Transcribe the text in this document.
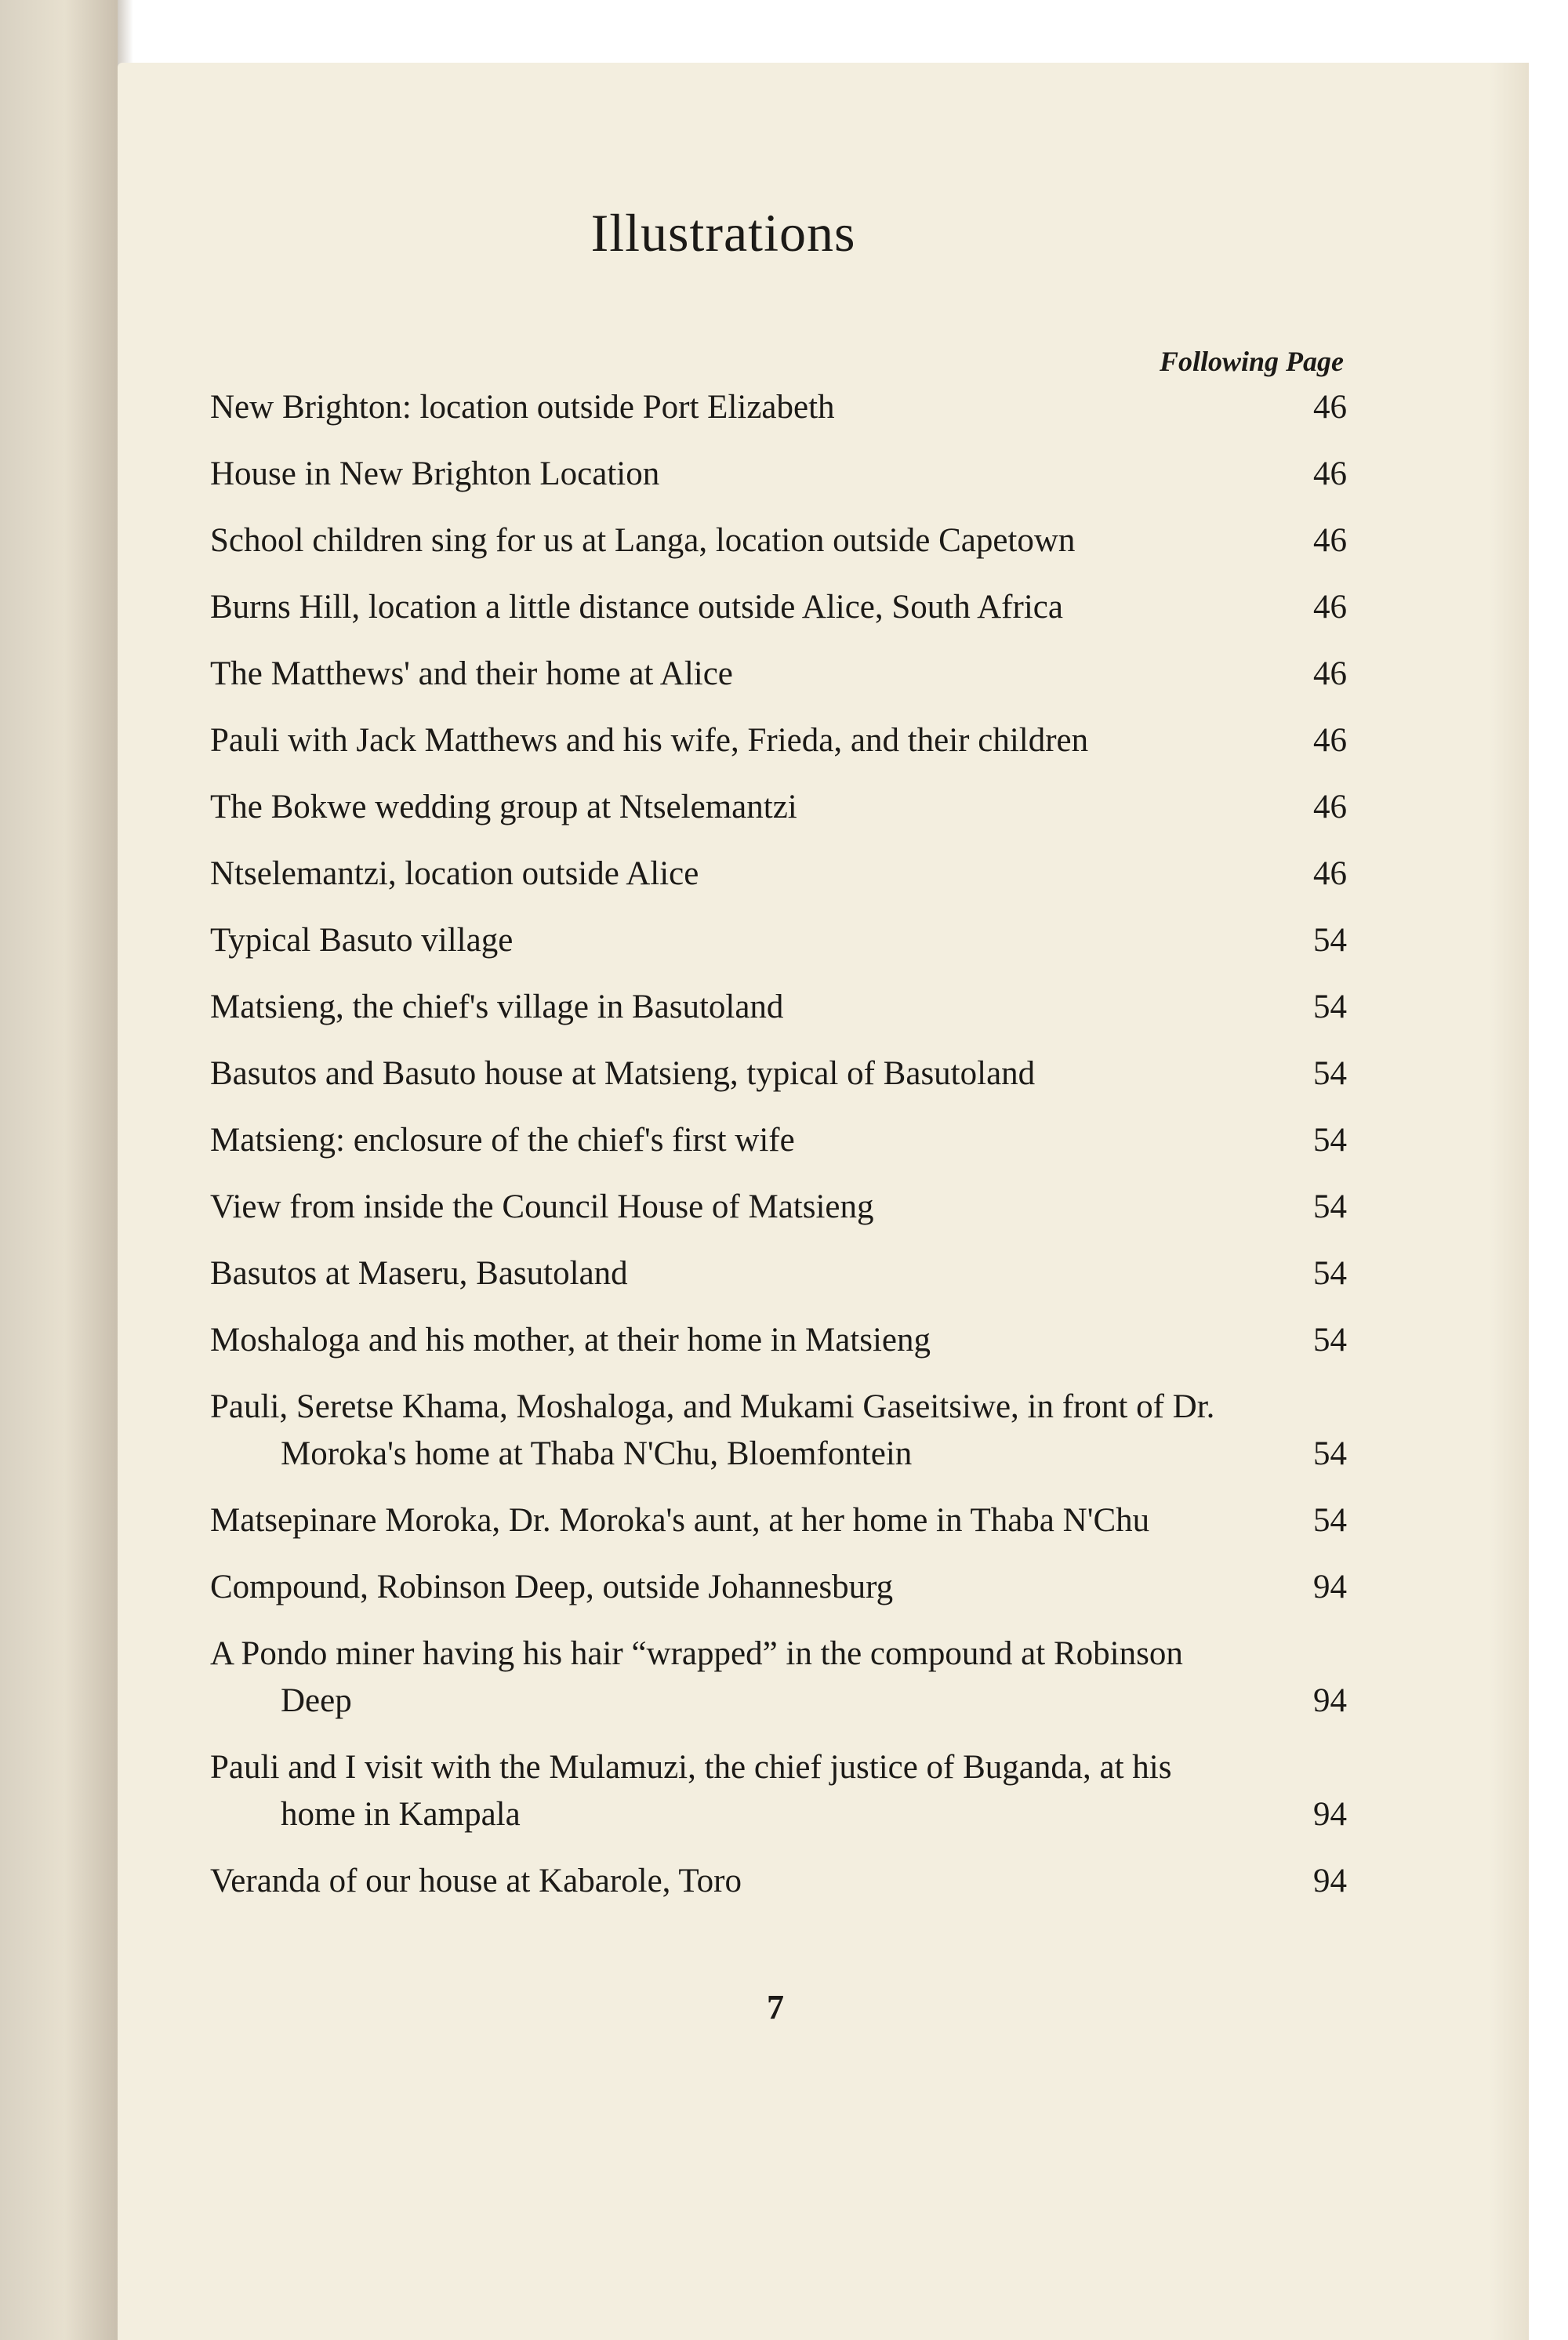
Illustrations
Following Page
New Brighton: location outside Port Elizabeth	46
House in New Brighton Location	46
School children sing for us at Langa, location outside Capetown	46
Burns Hill, location a little distance outside Alice, South Africa	46
The Matthews' and their home at Alice	46
Pauli with Jack Matthews and his wife, Frieda, and their children	46
The Bokwe wedding group at Ntselemantzi	46
Ntselemantzi, location outside Alice	46
Typical Basuto village	54
Matsieng, the chief's village in Basutoland	54
Basutos and Basuto house at Matsieng, typical of Basutoland	54
Matsieng: enclosure of the chief's first wife	54
View from inside the Council House of Matsieng	54
Basutos at Maseru, Basutoland	54
Moshaloga and his mother, at their home in Matsieng	54
Pauli, Seretse Khama, Moshaloga, and Mukami Gaseitsiwe, in front of Dr. Moroka's home at Thaba N'Chu, Bloemfontein	54
Matsepinare Moroka, Dr. Moroka's aunt, at her home in Thaba N'Chu	54
Compound, Robinson Deep, outside Johannesburg	94
A Pondo miner having his hair “wrapped” in the compound at Robinson Deep	94
Pauli and I visit with the Mulamuzi, the chief justice of Buganda, at his home in Kampala	94
Veranda of our house at Kabarole, Toro	94
7
